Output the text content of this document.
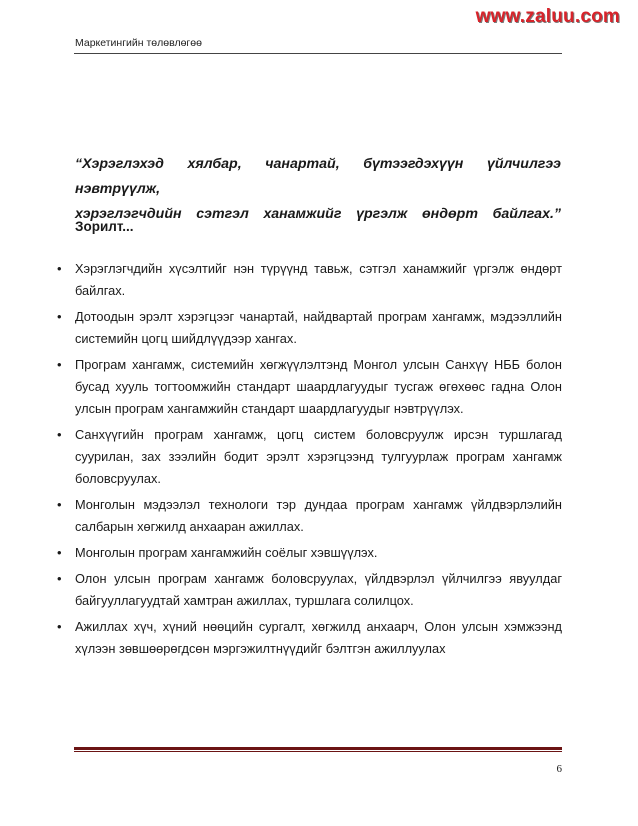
www.zaluu.com
Маркетингийн төлөвлөгөө
“Хэрэглэхэд хялбар, чанартай, бүтээгдэхүүн үйлчилгээ нэвтрүүлж,
хэрэглэгчдийн сэтгэл ханамжийг үргэлж өндөрт байлгах.”
Зорилт...
• Хэрэглэгчдийн хүсэлтийг нэн түрүүнд тавьж, сэтгэл ханамжийг үргэлж өндөрт байлгах.
• Дотоодын эрэлт хэрэгцээг чанартай, найдвартай програм хангамж, мэдээллийн системийн цогц шийдлүүдээр хангах.
• Програм хангамж, системийн хөгжүүлэлтэнд Монгол улсын Санхүү НББ болон бусад хууль тогтоомжийн стандарт шаардлагуудыг тусгаж өгөхөөс гадна Олон улсын програм хангамжийн стандарт шаардлагуудыг нэвтрүүлэх.
• Санхүүгийн програм хангамж, цогц систем боловсруулж ирсэн туршлагад суурилан, зах зээлийн бодит эрэлт хэрэгцээнд тулгуурлаж програм хангамж боловсруулах.
• Монголын мэдээлэл технологи тэр дундаа програм хангамж үйлдвэрлэлийн салбарын хөгжилд анхааран ажиллах.
• Монголын програм хангамжийн соёлыг хэвшүүлэх.
• Олон улсын програм хангамж боловсруулах, үйлдвэрлэл үйлчилгээ явуулдаг байгууллагуудтай хамтран ажиллах, туршлага солилцох.
• Ажиллах хүч, хүний нөөцийн сургалт, хөгжилд анхаарч, Олон улсын хэмжээнд хүлээн зөвшөөрөгдсөн мэргэжилтнүүдийг бэлтгэн ажиллуулах
6
